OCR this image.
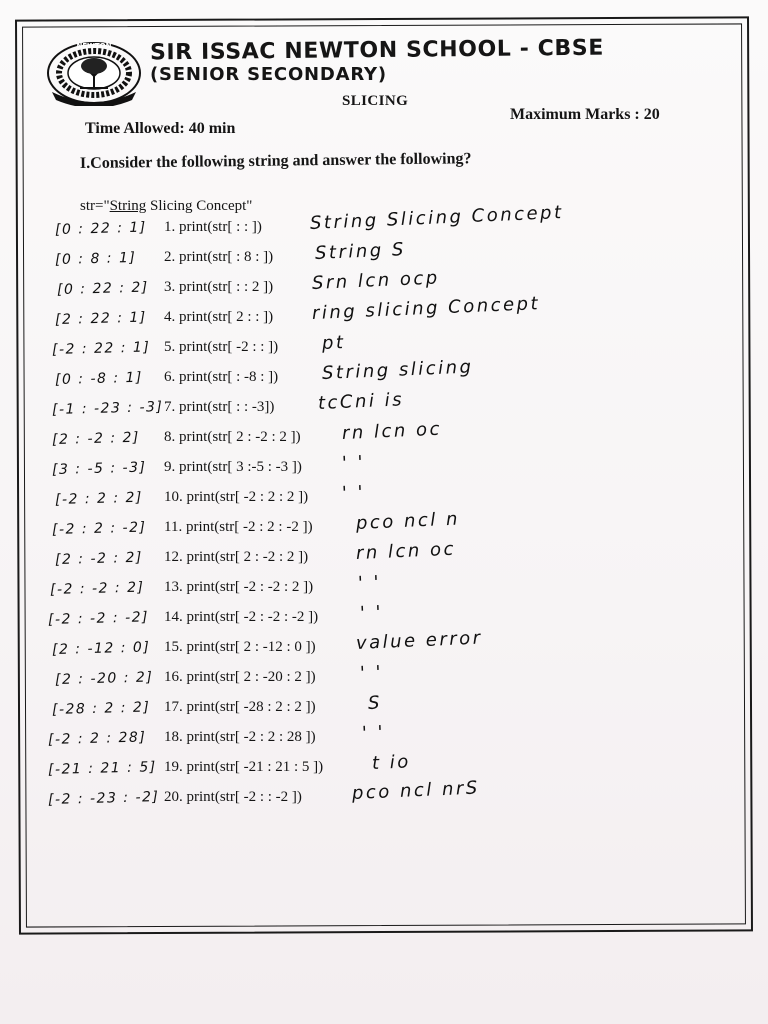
NEWTON SIR ISSAC NEWTON SCHOOL - CBSE
(SENIOR SECONDARY)
SLICING
Maximum Marks : 20
Time Allowed: 40 min
I.Consider the following string and answer the following?
str="String Slicing Concept"
[0 : 22 : 1] 1. print(str[ : : ])	String Slicing Concept
[0 : 8 : 1] 2. print(str[ : 8 : ]) String S
[0 : 22 : 2] 3. print(str[ : : 2 ]) Srn lcn ocp
[2 : 22 : 1] 4. print(str[ 2 : : ]) ring slicing Concept
[-2 : 22 : 1] 5. print(str[ -2 : : ]) pt
[0 : -8 : 1] 6. print(str[ : -8 : ]) String slicing
[-1 : -23 : -3] 7. print(str[ : : -3]) tcCni is
[2 : -2 : 2] 8. print(str[ 2 : -2 : 2 ]) rn lcn oc
[3 : -5 : -3] 9. print(str[ 3 :-5 : -3 ]) ' '
[-2 : 2 : 2] 10. print(str[ -2 : 2 : 2 ]) ' '
[-2 : 2 : -2] 11. print(str[ -2 : 2 : -2 ]) pco ncl n
[2 : -2 : 2] 12. print(str[ 2 : -2 : 2 ])	rn lcn oc
[-2 : -2 : 2] 13. print(str[ -2 : -2 : 2 ]) ' '
[-2 : -2 : -2] 14. print(str[ -2 : -2 : -2 ]) ' '
[2 : -12 : 0] 15. print(str[ 2 : -12 : 0 ]) value error
[2 : -20 : 2] 16. print(str[ 2 : -20 : 2 ]) ' '
[-28 : 2 : 2] 17. print(str[ -28 : 2 : 2 ])	S
[-2 : 2 : 28] 18. print(str[ -2 : 2 : 28 ])	' '
[-21 : 21 : 5] 19. print(str[ -21 : 21 : 5 ])	t io
[-2 : -23 : -2] 20. print(str[ -2 : : -2 ])	pco ncl nrS
